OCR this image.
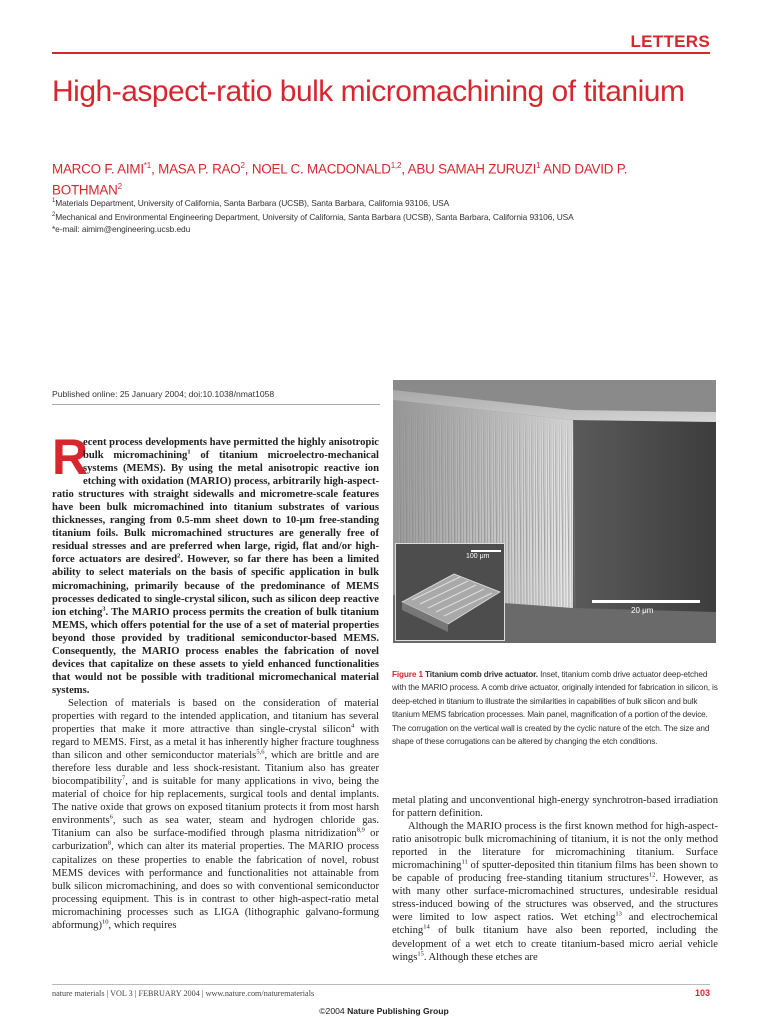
LETTERS
High-aspect-ratio bulk micromachining of titanium
MARCO F. AIMI$^{*1}$, MASA P. RAO$^2$, NOEL C. MACDONALD$^{1,2}$, ABU SAMAH ZURUZI$^1$ AND DAVID P. BOTHMAN$^2$
$^1$Materials Department, University of California, Santa Barbara (UCSB), Santa Barbara, California 93106, USA
$^2$Mechanical and Environmental Engineering Department, University of California, Santa Barbara (UCSB), Santa Barbara, California 93106, USA
*e-mail: aimim@engineering.ucsb.edu
Published online: 25 January 2004; doi:10.1038/nmat1058

R
ecent process developments have permitted the highly anisotropic bulk micromachining$^1$ of titanium microelectro-mechanical systems (MEMS). By using the metal anisotropic reactive ion etching with oxidation (MARIO) process, arbitrarily high-aspect-ratio structures with straight sidewalls and micrometre-scale features have been bulk micromachined into titanium substrates of various thicknesses, ranging from 0.5-mm sheet down to 10-μm free-standing titanium foils. Bulk micromachined structures are generally free of residual stresses and are preferred when large, rigid, flat and/or high-force actuators are desired$^2$. However, so far there has been a limited ability to select materials on the basis of specific application in bulk micromachining, primarily because of the predominance of MEMS processes dedicated to single-crystal silicon, such as silicon deep reactive ion etching$^3$. The MARIO process permits the creation of bulk titanium MEMS, which offers potential for the use of a set of material properties beyond those provided by traditional semiconductor-based MEMS. Consequently, the MARIO process enables the fabrication of novel devices that capitalize on these assets to yield enhanced functionalities that would not be possible with traditional micromechanical material systems.

Selection of materials is based on the consideration of material properties with regard to the intended application, and titanium has several properties that make it more attractive than single-crystal silicon$^4$ with regard to MEMS. First, as a metal it has inherently higher fracture toughness than silicon and other semiconductor materials$^{5,6}$, which are brittle and are therefore less durable and less shock-resistant. Titanium also has greater biocompatibility$^7$, and is suitable for many applications in vivo, being the material of choice for hip replacements, surgical tools and dental implants. The native oxide that grows on exposed titanium protects it from most harsh environments$^6$, such as sea water, steam and hydrogen chloride gas. Titanium can also be surface-modified through plasma nitridization$^{8,9}$ or carburization$^8$, which can alter its material properties. The MARIO process capitalizes on these properties to enable the fabrication of novel, robust MEMS devices with performance and functionalities not attainable from bulk silicon micromachining, and does so with conventional semiconductor processing equipment. This is in contrast to other high-aspect-ratio metal micromachining processes such as LIGA (lithographic galvano-formung abformung)$^{10}$, which requires

100 μm
20 μm
Figure 1 Titanium comb drive actuator. Inset, titanium comb drive actuator deep-etched with the MARIO process. A comb drive actuator, originally intended for fabrication in silicon, is deep-etched in titanium to illustrate the similarities in capabilities of bulk silicon and bulk titanium MEMS fabrication processes. Main panel, magnification of a portion of the device. The corrugation on the vertical wall is created by the cyclic nature of the etch. The size and shape of these corrugations can be altered by changing the etch conditions.

metal plating and unconventional high-energy synchrotron-based irradiation for pattern definition.

Although the MARIO process is the first known method for high-aspect-ratio anisotropic bulk micromachining of titanium, it is not the only method reported in the literature for micromachining titanium. Surface micromachining$^{11}$ of sputter-deposited thin titanium films has been shown to be capable of producing free-standing titanium structures$^{12}$. However, as with many other surface-micromachined structures, undesirable residual stress-induced bowing of the structures was observed, and the structures were limited to low aspect ratios. Wet etching$^{13}$ and electrochemical etching$^{14}$ of bulk titanium have also been reported, including the development of a wet etch to create titanium-based micro aerial vehicle wings$^{15}$. Although these etches are

nature materials | VOL 3 | FEBRUARY 2004 | www.nature.com/naturematerials	103
©2004 Nature Publishing Group
